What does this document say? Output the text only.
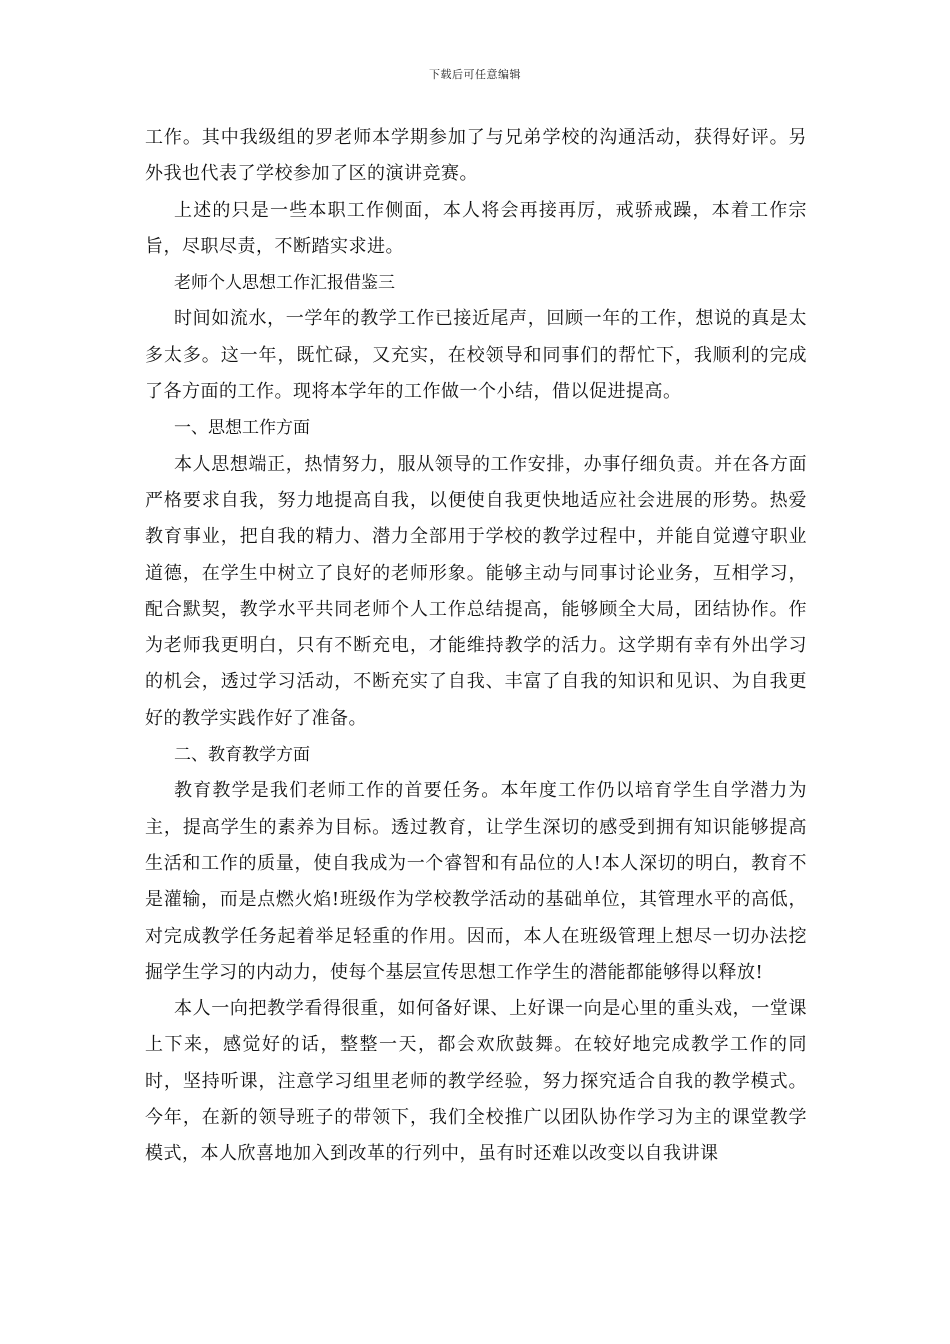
下载后可任意编辑

工作。其中我级组的罗老师本学期参加了与兄弟学校的沟通活动，获得好评。另外我也代表了学校参加了区的演讲竞赛。

上述的只是一些本职工作侧面，本人将会再接再厉，戒骄戒躁，本着工作宗旨，尽职尽责，不断踏实求进。

老师个人思想工作汇报借鉴三

时间如流水，一学年的教学工作已接近尾声，回顾一年的工作，想说的真是太多太多。这一年，既忙碌，又充实，在校领导和同事们的帮忙下，我顺利的完成了各方面的工作。现将本学年的工作做一个小结，借以促进提高。

一、思想工作方面

本人思想端正，热情努力，服从领导的工作安排，办事仔细负责。并在各方面严格要求自我，努力地提高自我，以便使自我更快地适应社会进展的形势。热爱教育事业，把自我的精力、潜力全部用于学校的教学过程中，并能自觉遵守职业道德，在学生中树立了良好的老师形象。能够主动与同事讨论业务，互相学习，配合默契，教学水平共同老师个人工作总结提高，能够顾全大局，团结协作。作为老师我更明白，只有不断充电，才能维持教学的活力。这学期有幸有外出学习的机会，透过学习活动，不断充实了自我、丰富了自我的知识和见识、为自我更好的教学实践作好了准备。

二、教育教学方面

教育教学是我们老师工作的首要任务。本年度工作仍以培育学生自学潜力为主，提高学生的素养为目标。透过教育，让学生深切的感受到拥有知识能够提高生活和工作的质量，使自我成为一个睿智和有品位的人!本人深切的明白，教育不是灌输，而是点燃火焰!班级作为学校教学活动的基础单位，其管理水平的高低，对完成教学任务起着举足轻重的作用。因而，本人在班级管理上想尽一切办法挖掘学生学习的内动力，使每个基层宣传思想工作学生的潜能都能够得以释放!

本人一向把教学看得很重，如何备好课、上好课一向是心里的重头戏，一堂课上下来，感觉好的话，整整一天，都会欢欣鼓舞。在较好地完成教学工作的同时，坚持听课，注意学习组里老师的教学经验，努力探究适合自我的教学模式。今年，在新的领导班子的带领下，我们全校推广以团队协作学习为主的课堂教学模式，本人欣喜地加入到改革的行列中，虽有时还难以改变以自我讲课
